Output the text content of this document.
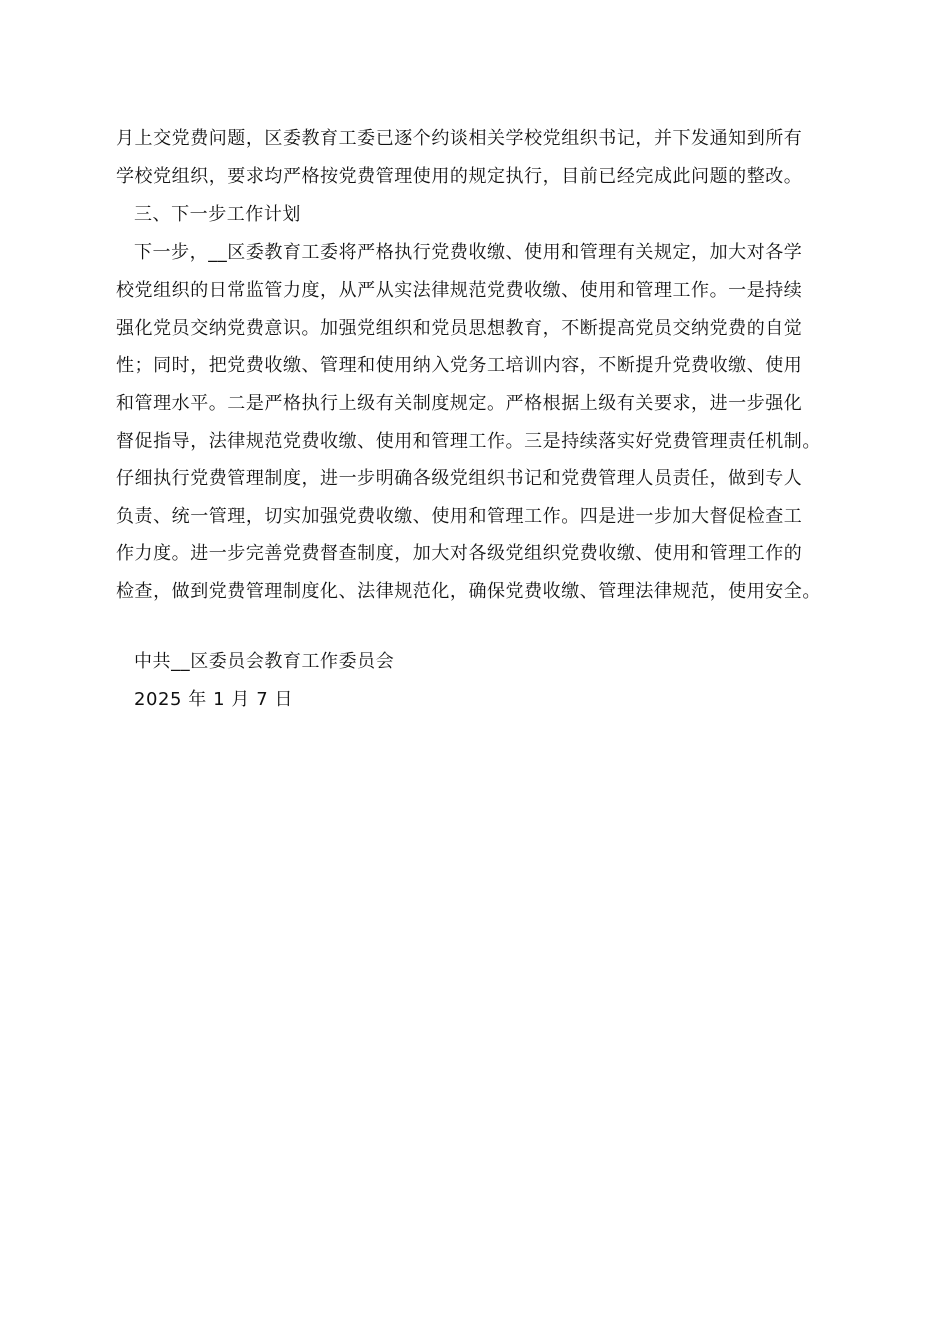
月上交党费问题，区委教育工委已逐个约谈相关学校党组织书记，并下发通知到所有
学校党组织，要求均严格按党费管理使用的规定执行，目前已经完成此问题的整改。
三、下一步工作计划
下一步，__区委教育工委将严格执行党费收缴、使用和管理有关规定，加大对各学
校党组织的日常监管力度，从严从实法律规范党费收缴、使用和管理工作。一是持续
强化党员交纳党费意识。加强党组织和党员思想教育，不断提高党员交纳党费的自觉
性；同时，把党费收缴、管理和使用纳入党务工培训内容，不断提升党费收缴、使用
和管理水平。二是严格执行上级有关制度规定。严格根据上级有关要求，进一步强化
督促指导，法律规范党费收缴、使用和管理工作。三是持续落实好党费管理责任机制。
仔细执行党费管理制度，进一步明确各级党组织书记和党费管理人员责任，做到专人
负责、统一管理，切实加强党费收缴、使用和管理工作。四是进一步加大督促检查工
作力度。进一步完善党费督查制度，加大对各级党组织党费收缴、使用和管理工作的
检查，做到党费管理制度化、法律规范化，确保党费收缴、管理法律规范，使用安全。
中共__区委员会教育工作委员会
2025 年 1 月 7 日
